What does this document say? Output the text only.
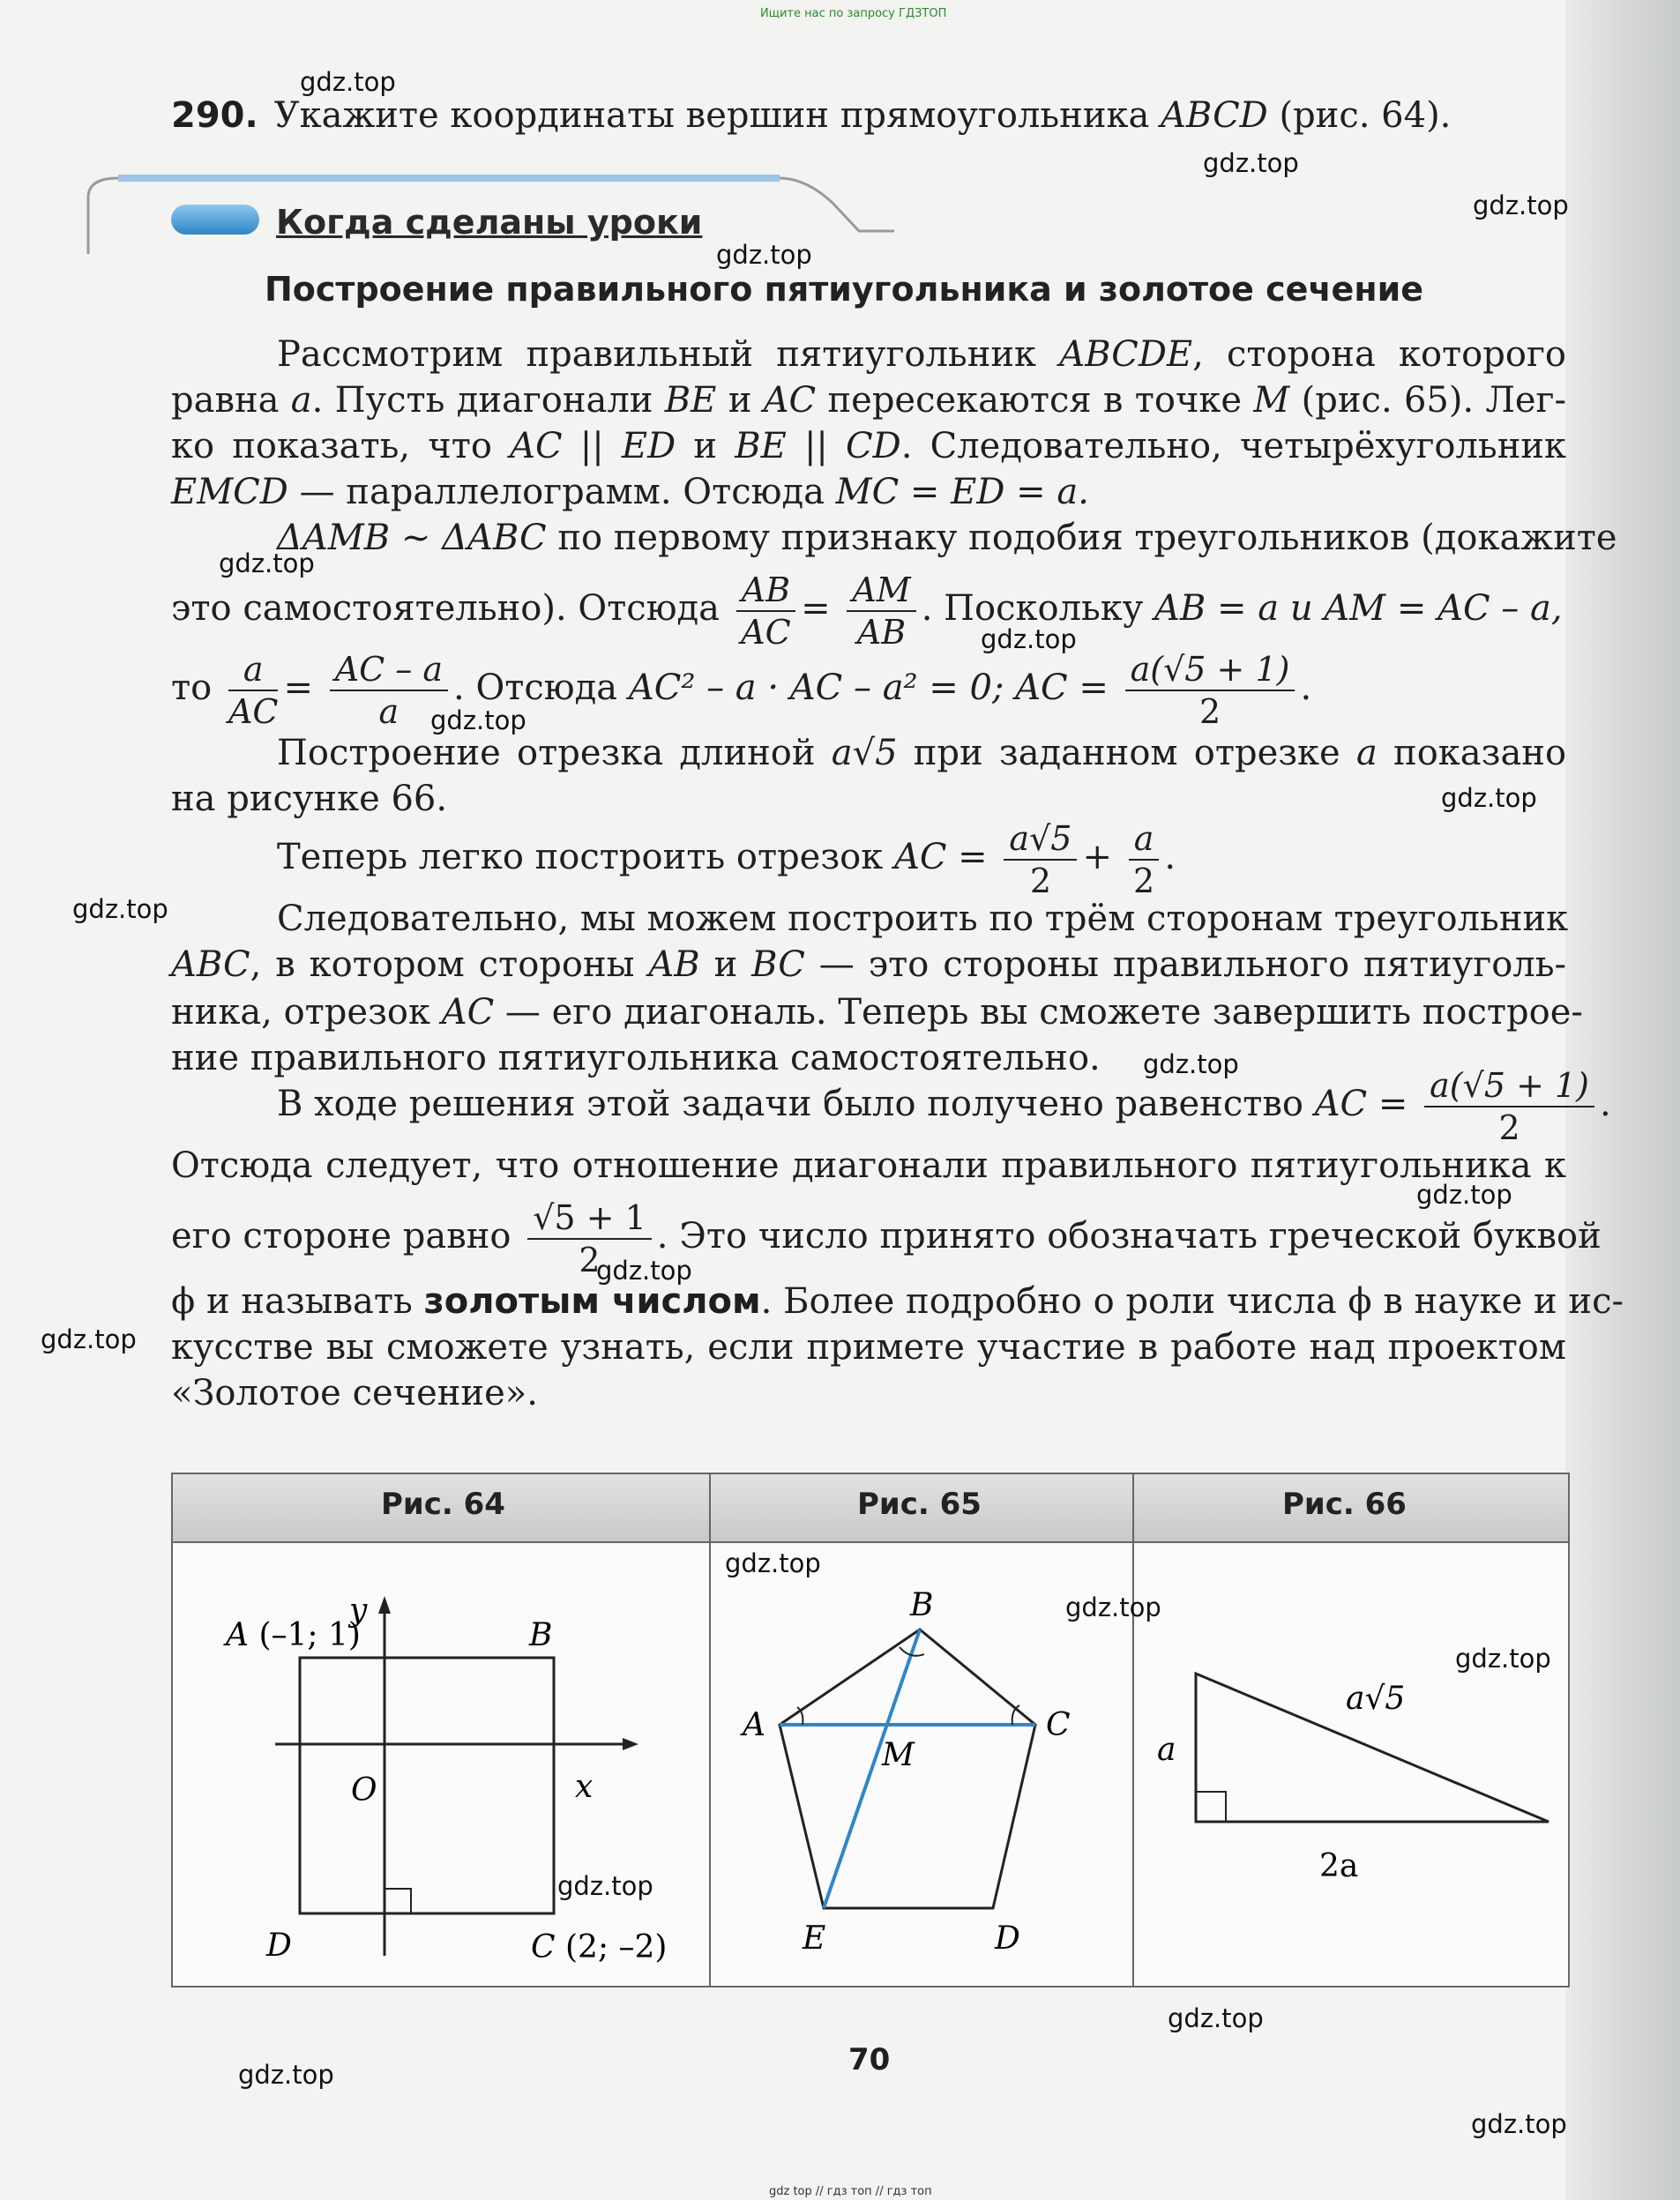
Ищите нас по запросу ГДЗТОП
290. Укажите координаты вершин прямоугольника ABCD (рис. 64).
Когда сделаны уроки
Построение правильного пятиугольника и золотое сечение
Рассмотрим правильный пятиугольник ABCDE, сторона которого
равна a. Пусть диагонали BE и AC пересекаются в точке M (рис. 65). Лег-
ко показать, что AC || ED и BE || CD. Следовательно, четырёхугольник
EMCD — параллелограмм. Отсюда MC = ED = a.
ΔAMB ~ ΔABC по первому признаку подобия треугольников (докажите
это самостоятельно). Отсюда $\frac{AB}{AC} = \frac{AM}{AB}$ . Поскольку AB = a и AM = AC – a,
то $\frac{a}{AC} = \frac{AC - a}{a}$ . Отсюда AC² – a · AC – a² = 0; AC = $\frac{a(√5 + 1)}{2}$ .
Построение отрезка длиной a√5 при заданном отрезке a показано
на рисунке 66.
Теперь легко построить отрезок AC = $\frac{a√5}{2} + \frac{a}{2}$ .
Следовательно, мы можем построить по трём сторонам треугольник
ABC, в котором стороны AB и BC — это стороны правильного пятиуголь-
ника, отрезок AC — его диагональ. Теперь вы сможете завершить построе-
ние правильного пятиугольника самостоятельно.
В ходе решения этой задачи было получено равенство AC = $\frac{a(√5 + 1)}{2}$ .
Отсюда следует, что отношение диагонали правильного пятиугольника к
его стороне равно $\frac{√5 + 1}{2}$ . Это число принято обозначать греческой буквой
ϕ и называть золотым числом. Более подробно о роли числа ϕ в науке и ис-
кусстве вы сможете узнать, если примете участие в работе над проектом
«Золотое сечение».
Рис. 64	Рис. 65	Рис. 66
O	x
y
A (–1; 1)	B
D	C (2; –2)
B
A	C
M
E	D
a
2a
a√5
70
gdz top // гдз топ // гдз топ
gdz.top
gdz.top
gdz.top
gdz.top
gdz.top
gdz.top
gdz.top
gdz.top
gdz.top
gdz.top
gdz.top
gdz.top
gdz.top
gdz.top
gdz.top
gdz.top
gdz.top
gdz.top
gdz.top
gdz.top
